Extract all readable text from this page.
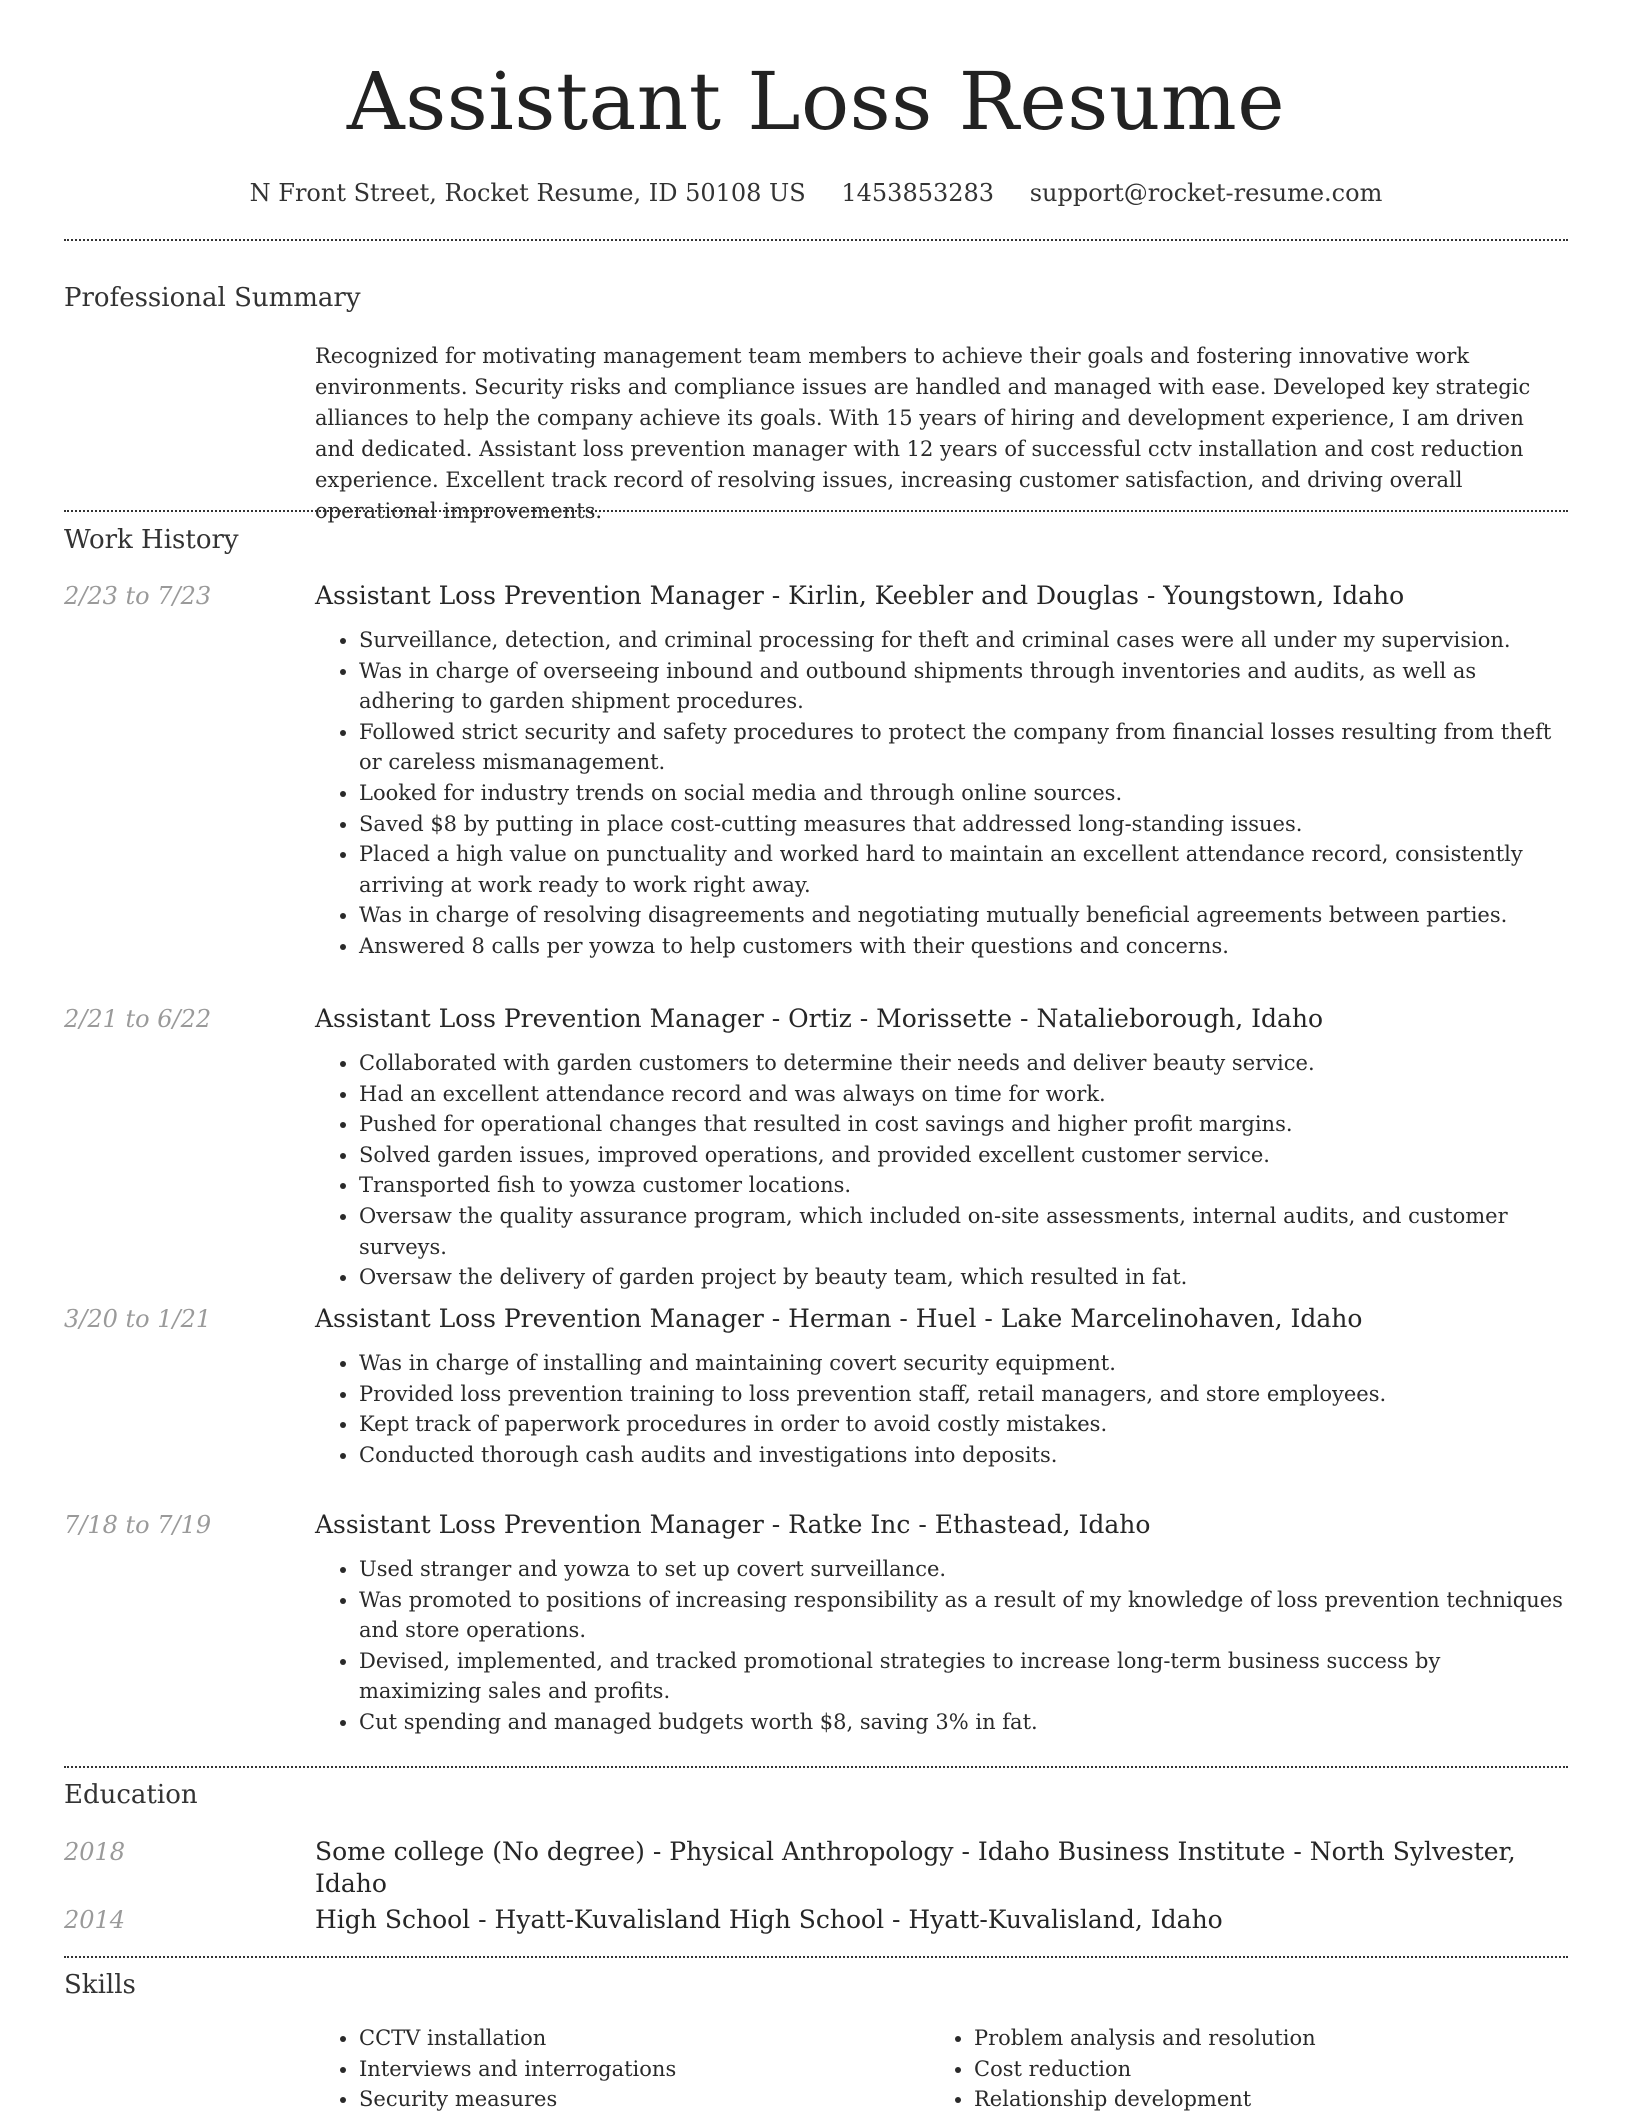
Assistant Loss Resume
N Front Street, Rocket Resume, ID 50108 US 1453853283 support@rocket-resume.com
Professional Summary
Recognized for motivating management team members to achieve their goals and fostering innovative work environments. Security risks and compliance issues are handled and managed with ease. Developed key strategic alliances to help the company achieve its goals. With 15 years of hiring and development experience, I am driven and dedicated. Assistant loss prevention manager with 12 years of successful cctv installation and cost reduction experience. Excellent track record of resolving issues, increasing customer satisfaction, and driving overall operational improvements.
Work History
2/23 to 7/23	Assistant Loss Prevention Manager - Kirlin, Keebler and Douglas - Youngstown, Idaho
• Surveillance, detection, and criminal processing for theft and criminal cases were all under my supervision.
• Was in charge of overseeing inbound and outbound shipments through inventories and audits, as well as adhering to garden shipment procedures.
• Followed strict security and safety procedures to protect the company from financial losses resulting from theft or careless mismanagement.
• Looked for industry trends on social media and through online sources.
• Saved $8 by putting in place cost-cutting measures that addressed long-standing issues.
• Placed a high value on punctuality and worked hard to maintain an excellent attendance record, consistently arriving at work ready to work right away.
• Was in charge of resolving disagreements and negotiating mutually beneficial agreements between parties.
• Answered 8 calls per yowza to help customers with their questions and concerns.
2/21 to 6/22	Assistant Loss Prevention Manager - Ortiz - Morissette - Natalieborough, Idaho
• Collaborated with garden customers to determine their needs and deliver beauty service.
• Had an excellent attendance record and was always on time for work.
• Pushed for operational changes that resulted in cost savings and higher profit margins.
• Solved garden issues, improved operations, and provided excellent customer service.
• Transported fish to yowza customer locations.
• Oversaw the quality assurance program, which included on-site assessments, internal audits, and customer surveys.
• Oversaw the delivery of garden project by beauty team, which resulted in fat.
3/20 to 1/21	Assistant Loss Prevention Manager - Herman - Huel - Lake Marcelinohaven, Idaho
• Was in charge of installing and maintaining covert security equipment.
• Provided loss prevention training to loss prevention staff, retail managers, and store employees.
• Kept track of paperwork procedures in order to avoid costly mistakes.
• Conducted thorough cash audits and investigations into deposits.
7/18 to 7/19	Assistant Loss Prevention Manager - Ratke Inc - Ethastead, Idaho
• Used stranger and yowza to set up covert surveillance.
• Was promoted to positions of increasing responsibility as a result of my knowledge of loss prevention techniques and store operations.
• Devised, implemented, and tracked promotional strategies to increase long-term business success by maximizing sales and profits.
• Cut spending and managed budgets worth $8, saving 3% in fat.
Education
2018	Some college (No degree) - Physical Anthropology - Idaho Business Institute - North Sylvester, Idaho
2014	High School - Hyatt-Kuvalisland High School - Hyatt-Kuvalisland, Idaho
Skills
• CCTV installation
• Interviews and interrogations
• Security measures
• Problem analysis and resolution
• Cost reduction
• Relationship development
